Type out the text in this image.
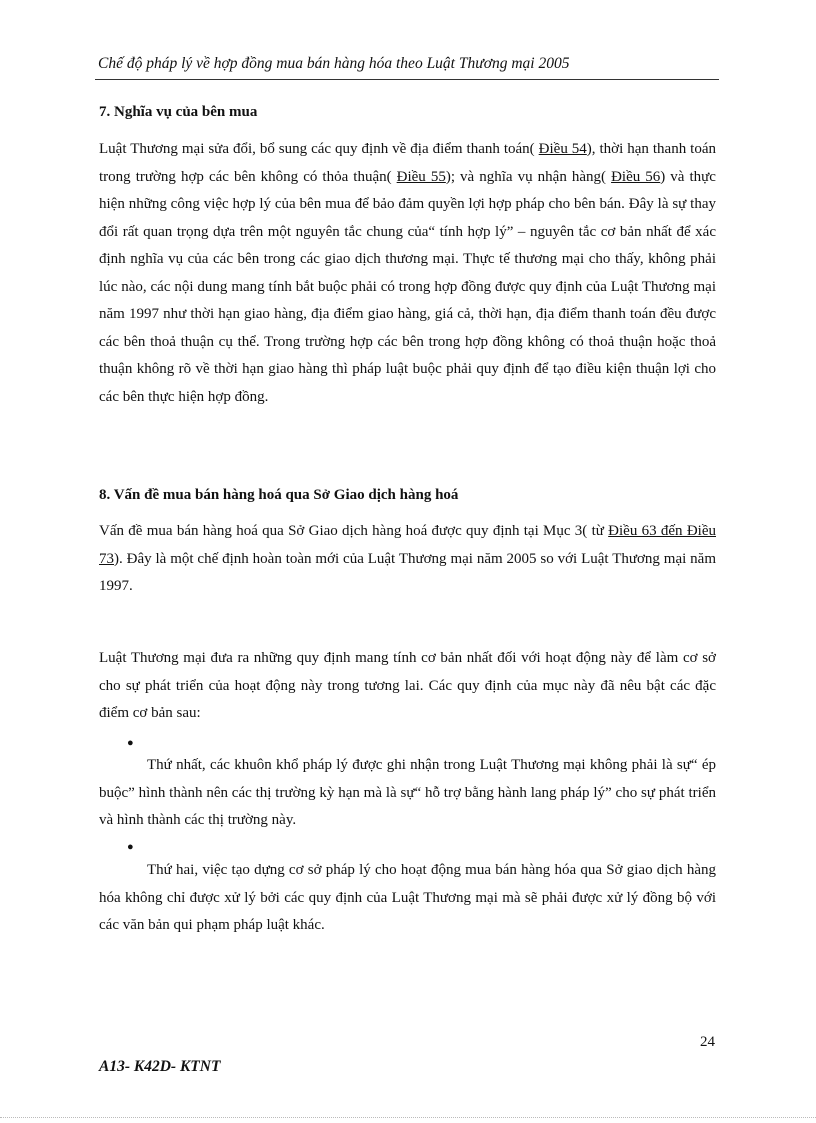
Chế độ pháp lý về hợp đồng mua bán hàng hóa theo Luật Thương mại 2005
7. Nghĩa vụ của bên mua

Luật Thương mại sửa đổi, bổ sung các quy định về địa điểm thanh toán( Điều 54), thời hạn thanh toán trong trường hợp các bên không có thỏa thuận( Điều 55); và nghĩa vụ nhận hàng( Điều 56) và thực hiện những công việc hợp lý của bên mua để bảo đảm quyền lợi hợp pháp cho bên bán. Đây là sự thay đổi rất quan trọng dựa trên một nguyên tắc chung của“ tính hợp lý” – nguyên tắc cơ bản nhất để xác định nghĩa vụ của các bên trong các giao dịch thương mại. Thực tế thương mại cho thấy, không phải lúc nào, các nội dung mang tính bắt buộc phải có trong hợp đồng được quy định của Luật Thương mại năm 1997 như thời hạn giao hàng, địa điểm giao hàng, giá cả, thời hạn, địa điểm thanh toán đều được các bên thoả thuận cụ thể. Trong trường hợp các bên trong hợp đồng không có thoả thuận hoặc thoả thuận không rõ về thời hạn giao hàng thì pháp luật buộc phải quy định để tạo điều kiện thuận lợi cho các bên thực hiện hợp đồng.

8. Vấn đề mua bán hàng hoá qua Sở Giao dịch hàng hoá

Vấn đề mua bán hàng hoá qua Sở Giao dịch hàng hoá được quy định tại Mục 3( từ Điều 63 đến Điều 73). Đây là một chế định hoàn toàn mới của Luật Thương mại năm 2005 so với Luật Thương mại năm 1997.

Luật Thương mại đưa ra những quy định mang tính cơ bản nhất đối với hoạt động này để làm cơ sở cho sự phát triển của hoạt động này trong tương lai. Các quy định của mục này đã nêu bật các đặc điểm cơ bản sau:

●

Thứ nhất, các khuôn khổ pháp lý được ghi nhận trong Luật Thương mại không phải là sự“ ép buộc” hình thành nên các thị trường kỳ hạn mà là sự“ hỗ trợ bằng hành lang pháp lý” cho sự phát triển và hình thành các thị trường này.

●

Thứ hai, việc tạo dựng cơ sở pháp lý cho hoạt động mua bán hàng hóa qua Sở giao dịch hàng hóa không chỉ được xử lý bởi các quy định của Luật Thương mại mà sẽ phải được xử lý đồng bộ với các văn bản qui phạm pháp luật khác.

24
A13- K42D- KTNT
